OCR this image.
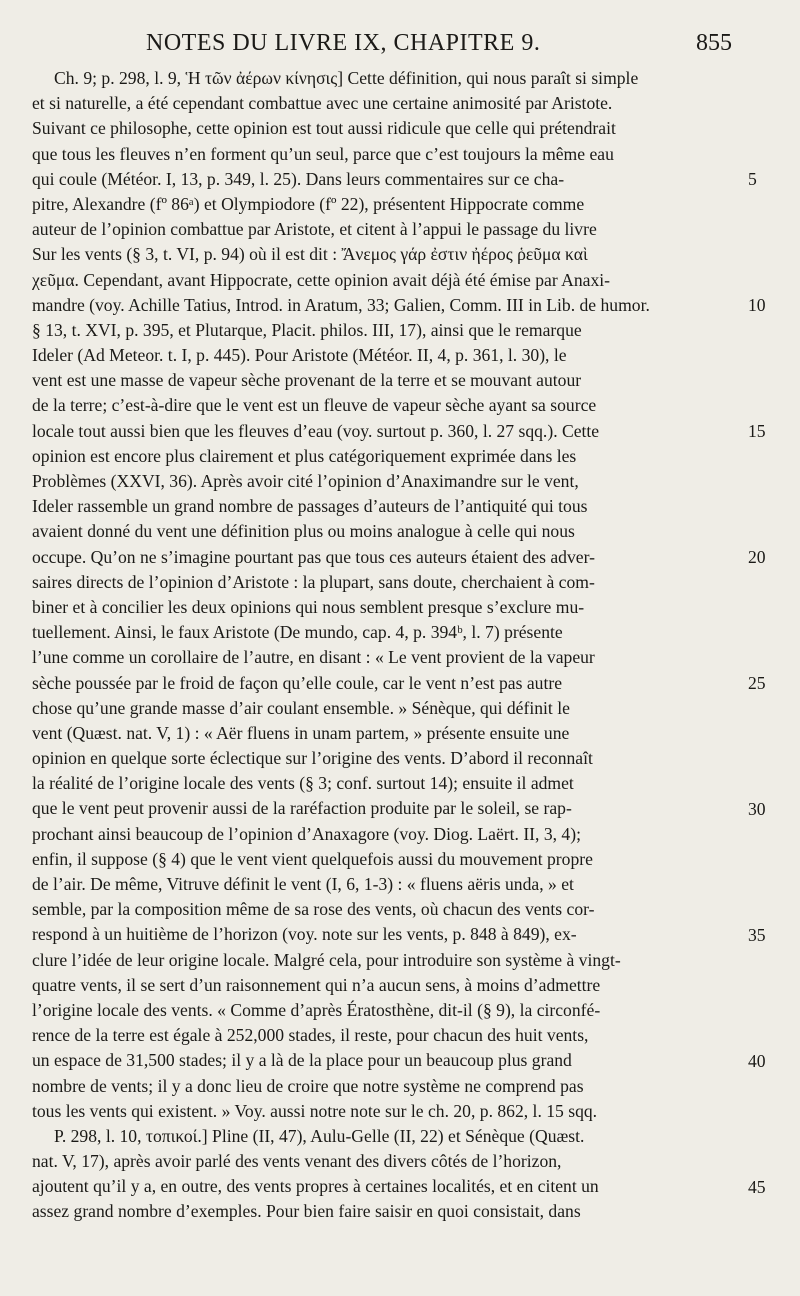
NOTES DU LIVRE IX, CHAPITRE 9.	855
Ch. 9; p. 298, l. 9, Ἡ τῶν ἀέρων κίνησις] Cette définition, qui nous paraît si simple
et si naturelle, a été cependant combattue avec une certaine animosité par Aristote.
Suivant ce philosophe, cette opinion est tout aussi ridicule que celle qui prétendrait
que tous les fleuves n’en forment qu’un seul, parce que c’est toujours la même eau
qui coule (Météor. I, 13, p. 349, l. 25). Dans leurs commentaires sur ce cha-
pitre, Alexandre (fº 86ᵃ) et Olympiodore (fº 22), présentent Hippocrate comme
auteur de l’opinion combattue par Aristote, et citent à l’appui le passage du livre
Sur les vents (§ 3, t. VI, p. 94) où il est dit : Ἄνεμος γάρ ἐστιν ἠέρος ῥεῦμα καὶ
χεῦμα. Cependant, avant Hippocrate, cette opinion avait déjà été émise par Anaxi-
mandre (voy. Achille Tatius, Introd. in Aratum, 33; Galien, Comm. III in Lib. de humor.
§ 13, t. XVI, p. 395, et Plutarque, Placit. philos. III, 17), ainsi que le remarque
Ideler (Ad Meteor. t. I, p. 445). Pour Aristote (Météor. II, 4, p. 361, l. 30), le
vent est une masse de vapeur sèche provenant de la terre et se mouvant autour
de la terre; c’est-à-dire que le vent est un fleuve de vapeur sèche ayant sa source
locale tout aussi bien que les fleuves d’eau (voy. surtout p. 360, l. 27 sqq.). Cette
opinion est encore plus clairement et plus catégoriquement exprimée dans les
Problèmes (XXVI, 36). Après avoir cité l’opinion d’Anaximandre sur le vent,
Ideler rassemble un grand nombre de passages d’auteurs de l’antiquité qui tous
avaient donné du vent une définition plus ou moins analogue à celle qui nous
occupe. Qu’on ne s’imagine pourtant pas que tous ces auteurs étaient des adver-
saires directs de l’opinion d’Aristote : la plupart, sans doute, cherchaient à com-
biner et à concilier les deux opinions qui nous semblent presque s’exclure mu-
tuellement. Ainsi, le faux Aristote (De mundo, cap. 4, p. 394ᵇ, l. 7) présente
l’une comme un corollaire de l’autre, en disant : « Le vent provient de la vapeur
sèche poussée par le froid de façon qu’elle coule, car le vent n’est pas autre
chose qu’une grande masse d’air coulant ensemble. » Sénèque, qui définit le
vent (Quæst. nat. V, 1) : « Aër fluens in unam partem, » présente ensuite une
opinion en quelque sorte éclectique sur l’origine des vents. D’abord il reconnaît
la réalité de l’origine locale des vents (§ 3; conf. surtout 14); ensuite il admet
que le vent peut provenir aussi de la raréfaction produite par le soleil, se rap-
prochant ainsi beaucoup de l’opinion d’Anaxagore (voy. Diog. Laërt. II, 3, 4);
enfin, il suppose (§ 4) que le vent vient quelquefois aussi du mouvement propre
de l’air. De même, Vitruve définit le vent (I, 6, 1-3) : « fluens aëris unda, » et
semble, par la composition même de sa rose des vents, où chacun des vents cor-
respond à un huitième de l’horizon (voy. note sur les vents, p. 848 à 849), ex-
clure l’idée de leur origine locale. Malgré cela, pour introduire son système à vingt-
quatre vents, il se sert d’un raisonnement qui n’a aucun sens, à moins d’admettre
l’origine locale des vents. « Comme d’après Ératosthène, dit-il (§ 9), la circonfé-
rence de la terre est égale à 252,000 stades, il reste, pour chacun des huit vents,
un espace de 31,500 stades; il y a là de la place pour un beaucoup plus grand
nombre de vents; il y a donc lieu de croire que notre système ne comprend pas
tous les vents qui existent. » Voy. aussi notre note sur le ch. 20, p. 862, l. 15 sqq.
P. 298, l. 10, τοπικοί.] Pline (II, 47), Aulu-Gelle (II, 22) et Sénèque (Quæst.
nat. V, 17), après avoir parlé des vents venant des divers côtés de l’horizon,
ajoutent qu’il y a, en outre, des vents propres à certaines localités, et en citent un
assez grand nombre d’exemples. Pour bien faire saisir en quoi consistait, dans
5
10
15
20
25
30
35
40
45
